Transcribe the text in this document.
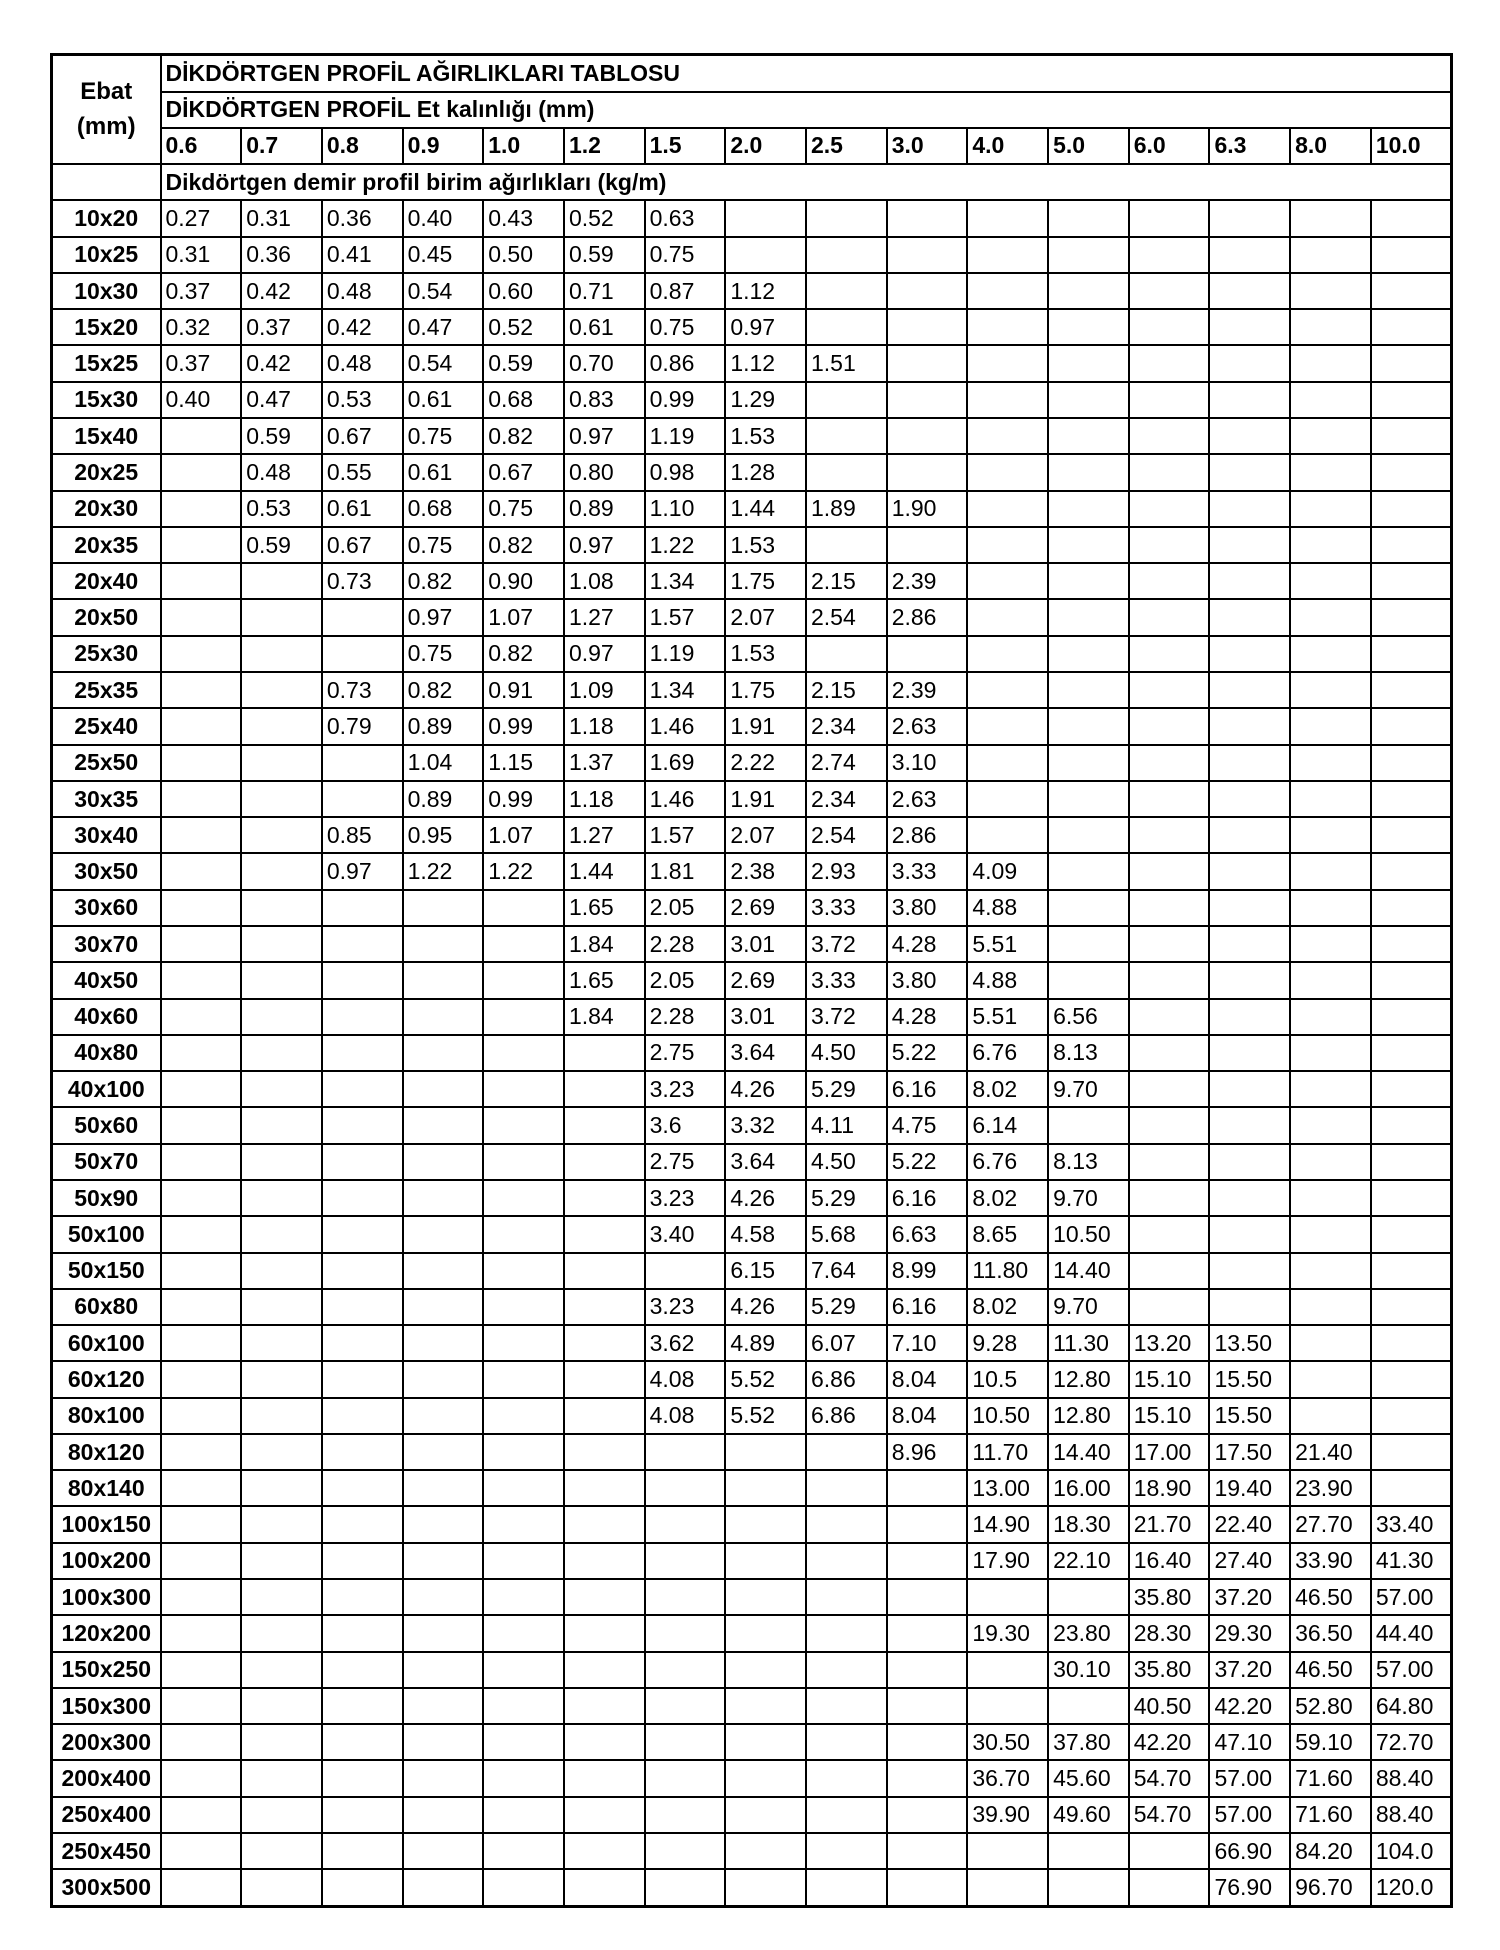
Ebat
(mm)	DİKDÖRTGEN PROFİL AĞIRLIKLARI TABLOSU															
	DİKDÖRTGEN PROFİL Et kalınlığı (mm)															
	0.6	0.7	0.8	0.9	1.0	1.2	1.5	2.0	2.5	3.0	4.0	5.0	6.0	6.3	8.0	10.0
	Dikdörtgen demir profil birim ağırlıkları (kg/m)															
10x20	0.27	0.31	0.36	0.40	0.43	0.52	0.63									
10x25	0.31	0.36	0.41	0.45	0.50	0.59	0.75									
10x30	0.37	0.42	0.48	0.54	0.60	0.71	0.87	1.12								
15x20	0.32	0.37	0.42	0.47	0.52	0.61	0.75	0.97								
15x25	0.37	0.42	0.48	0.54	0.59	0.70	0.86	1.12	1.51							
15x30	0.40	0.47	0.53	0.61	0.68	0.83	0.99	1.29								
15x40		0.59	0.67	0.75	0.82	0.97	1.19	1.53								
20x25		0.48	0.55	0.61	0.67	0.80	0.98	1.28								
20x30		0.53	0.61	0.68	0.75	0.89	1.10	1.44	1.89	1.90						
20x35		0.59	0.67	0.75	0.82	0.97	1.22	1.53								
20x40			0.73	0.82	0.90	1.08	1.34	1.75	2.15	2.39						
20x50				0.97	1.07	1.27	1.57	2.07	2.54	2.86						
25x30				0.75	0.82	0.97	1.19	1.53								
25x35			0.73	0.82	0.91	1.09	1.34	1.75	2.15	2.39						
25x40			0.79	0.89	0.99	1.18	1.46	1.91	2.34	2.63						
25x50				1.04	1.15	1.37	1.69	2.22	2.74	3.10						
30x35				0.89	0.99	1.18	1.46	1.91	2.34	2.63						
30x40			0.85	0.95	1.07	1.27	1.57	2.07	2.54	2.86						
30x50			0.97	1.22	1.22	1.44	1.81	2.38	2.93	3.33	4.09					
30x60						1.65	2.05	2.69	3.33	3.80	4.88					
30x70						1.84	2.28	3.01	3.72	4.28	5.51					
40x50						1.65	2.05	2.69	3.33	3.80	4.88					
40x60						1.84	2.28	3.01	3.72	4.28	5.51	6.56				
40x80							2.75	3.64	4.50	5.22	6.76	8.13				
40x100							3.23	4.26	5.29	6.16	8.02	9.70				
50x60							3.6	3.32	4.11	4.75	6.14					
50x70							2.75	3.64	4.50	5.22	6.76	8.13				
50x90							3.23	4.26	5.29	6.16	8.02	9.70				
50x100							3.40	4.58	5.68	6.63	8.65	10.50				
50x150								6.15	7.64	8.99	11.80	14.40				
60x80							3.23	4.26	5.29	6.16	8.02	9.70				
60x100							3.62	4.89	6.07	7.10	9.28	11.30	13.20	13.50		
60x120							4.08	5.52	6.86	8.04	10.5	12.80	15.10	15.50		
80x100							4.08	5.52	6.86	8.04	10.50	12.80	15.10	15.50		
80x120										8.96	11.70	14.40	17.00	17.50	21.40	
80x140											13.00	16.00	18.90	19.40	23.90	
100x150											14.90	18.30	21.70	22.40	27.70	33.40
100x200											17.90	22.10	16.40	27.40	33.90	41.30
100x300													35.80	37.20	46.50	57.00
120x200											19.30	23.80	28.30	29.30	36.50	44.40
150x250												30.10	35.80	37.20	46.50	57.00
150x300													40.50	42.20	52.80	64.80
200x300											30.50	37.80	42.20	47.10	59.10	72.70
200x400											36.70	45.60	54.70	57.00	71.60	88.40
250x400											39.90	49.60	54.70	57.00	71.60	88.40
250x450														66.90	84.20	104.0
300x500														76.90	96.70	120.0
